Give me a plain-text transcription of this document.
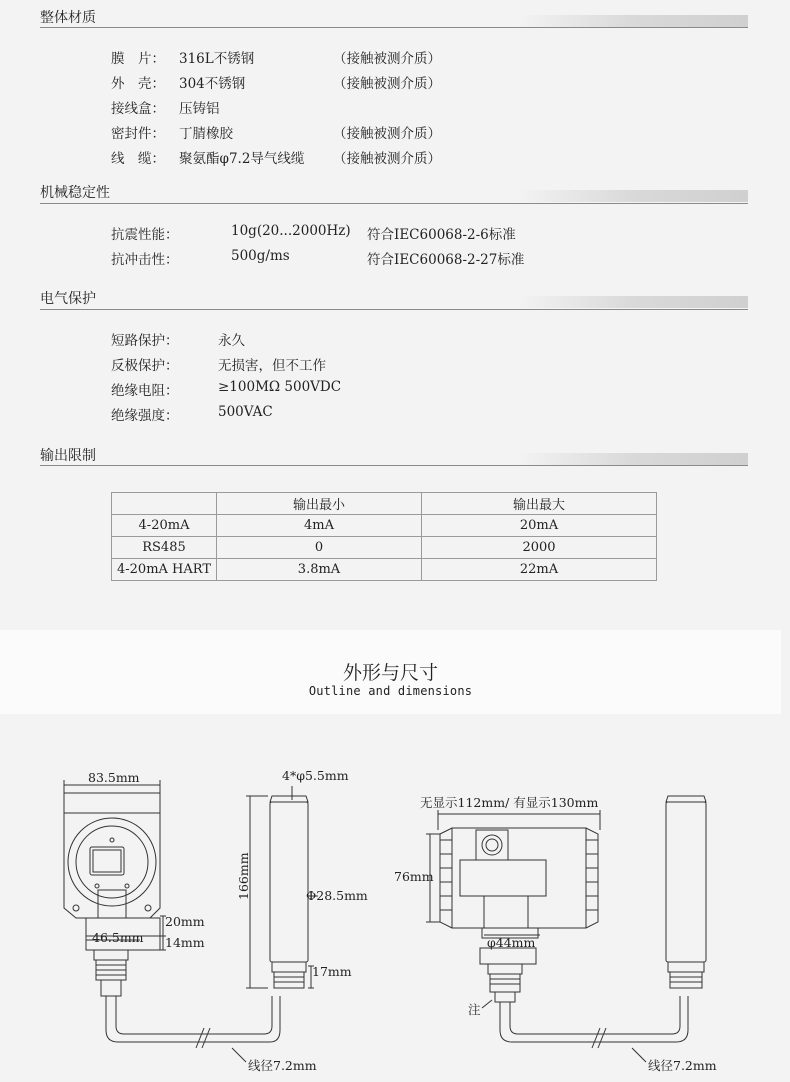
整体材质
膜　片： 316L不锈钢	（接触被测介质）
外　壳： 304不锈钢	（接触被测介质）
接线盒： 压铸铝
密封件： 丁腈橡胶	（接触被测介质）
线　缆： 聚氨酯φ7.2导气线缆 （接触被测介质）
机械稳定性
抗震性能：	10g(20...2000Hz) 符合IEC60068-2-6标准
抗冲击性：	500g/ms	符合IEC60068-2-27标准
电气保护
短路保护：	永久
反极保护：	无损害，但不工作
绝缘电阻：	≥100MΩ 500VDC
绝缘强度：	500VAC
输出限制
	输出最小	输出最大
4-20mA	4mA	20mA
RS485	0	2000
4-20mA HART	3.8mA	22mA
外形与尺寸
Outline and dimensions
83.5mm
20mm
14mm
46.5mm
4*φ5.5mm
166mm	Φ28.5mm
17mm
线径7.2mm
无显示112mm/ 有显示130mm
76mm
φ44mm
注
线径7.2mm
